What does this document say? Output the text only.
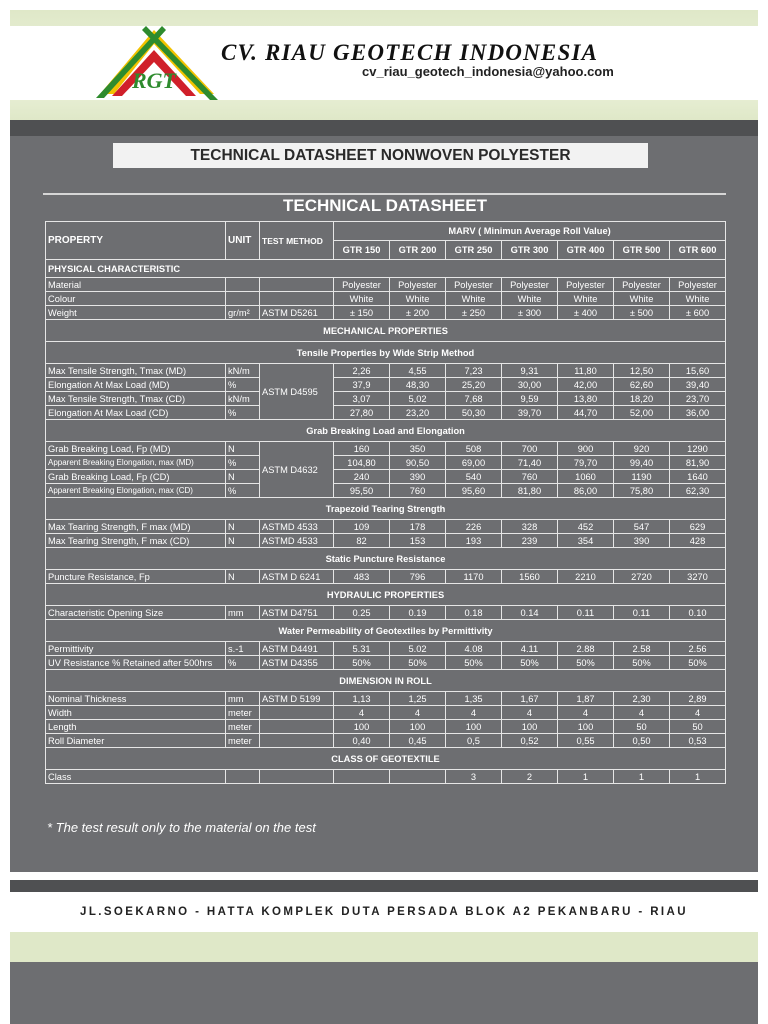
RGT
CV. RIAU GEOTECH INDONESIA
cv_riau_geotech_indonesia@yahoo.com
TECHNICAL DATASHEET NONWOVEN POLYESTER
TECHNICAL DATASHEET
PROPERTY	UNIT	TEST METHOD	MARV ( Minimun Average Roll Value)						
			GTR 150	GTR 200	GTR 250	GTR 300	GTR 400	GTR 500	GTR 600
PHYSICAL CHARACTERISTIC									
Material			Polyester	Polyester	Polyester	Polyester	Polyester	Polyester	Polyester
Colour			White	White	White	White	White	White	White
Weight	gr/m²	ASTM D5261	± 150	± 200	± 250	± 300	± 400	± 500	± 600
MECHANICAL PROPERTIES									
Tensile Properties by Wide Strip Method									
Max Tensile Strength, Tmax (MD)	kN/m	ASTM D4595	2,26	4,55	7,23	9,31	11,80	12,50	15,60
Elongation At Max Load (MD)	%		37,9	48,30	25,20	30,00	42,00	62,60	39,40
Max Tensile Strength, Tmax (CD)	kN/m		3,07	5,02	7,68	9,59	13,80	18,20	23,70
Elongation At Max Load (CD)	%		27,80	23,20	50,30	39,70	44,70	52,00	36,00
Grab Breaking Load and Elongation									
Grab Breaking Load, Fp (MD)	N	ASTM D4632	160	350	508	700	900	920	1290
Apparent Breaking Elongation, max (MD)	%		104,80	90,50	69,00	71,40	79,70	99,40	81,90
Grab Breaking Load, Fp (CD)	N		240	390	540	760	1060	1190	1640
Apparent Breaking Elongation, max (CD)	%		95,50	760	95,60	81,80	86,00	75,80	62,30
Trapezoid Tearing Strength									
Max Tearing Strength, F max (MD)	N	ASTMD 4533	109	178	226	328	452	547	629
Max Tearing Strength, F max (CD)	N	ASTMD 4533	82	153	193	239	354	390	428
Static Puncture Resistance									
Puncture Resistance, Fp	N	ASTM D 6241	483	796	1170	1560	2210	2720	3270
HYDRAULIC PROPERTIES									
Characteristic Opening Size	mm	ASTM D4751	0.25	0.19	0.18	0.14	0.11	0.11	0.10
Water Permeability of Geotextiles by Permittivity									
Permittivity	s.-1	ASTM D4491	5.31	5.02	4.08	4.11	2.88	2.58	2.56
UV Resistance % Retained after 500hrs	%	ASTM D4355	50%	50%	50%	50%	50%	50%	50%
DIMENSION IN ROLL									
Nominal Thickness	mm	ASTM D 5199	1,13	1,25	1,35	1,67	1,87	2,30	2,89
Width	meter		4	4	4	4	4	4	4
Length	meter		100	100	100	100	100	50	50
Roll Diameter	meter		0,40	0,45	0,5	0,52	0,55	0,50	0,53
CLASS OF GEOTEXTILE									
Class					3	2	1	1	1
* The test result only to the material on the test
JL.SOEKARNO - HATTA KOMPLEK DUTA PERSADA BLOK A2 PEKANBARU - RIAU
